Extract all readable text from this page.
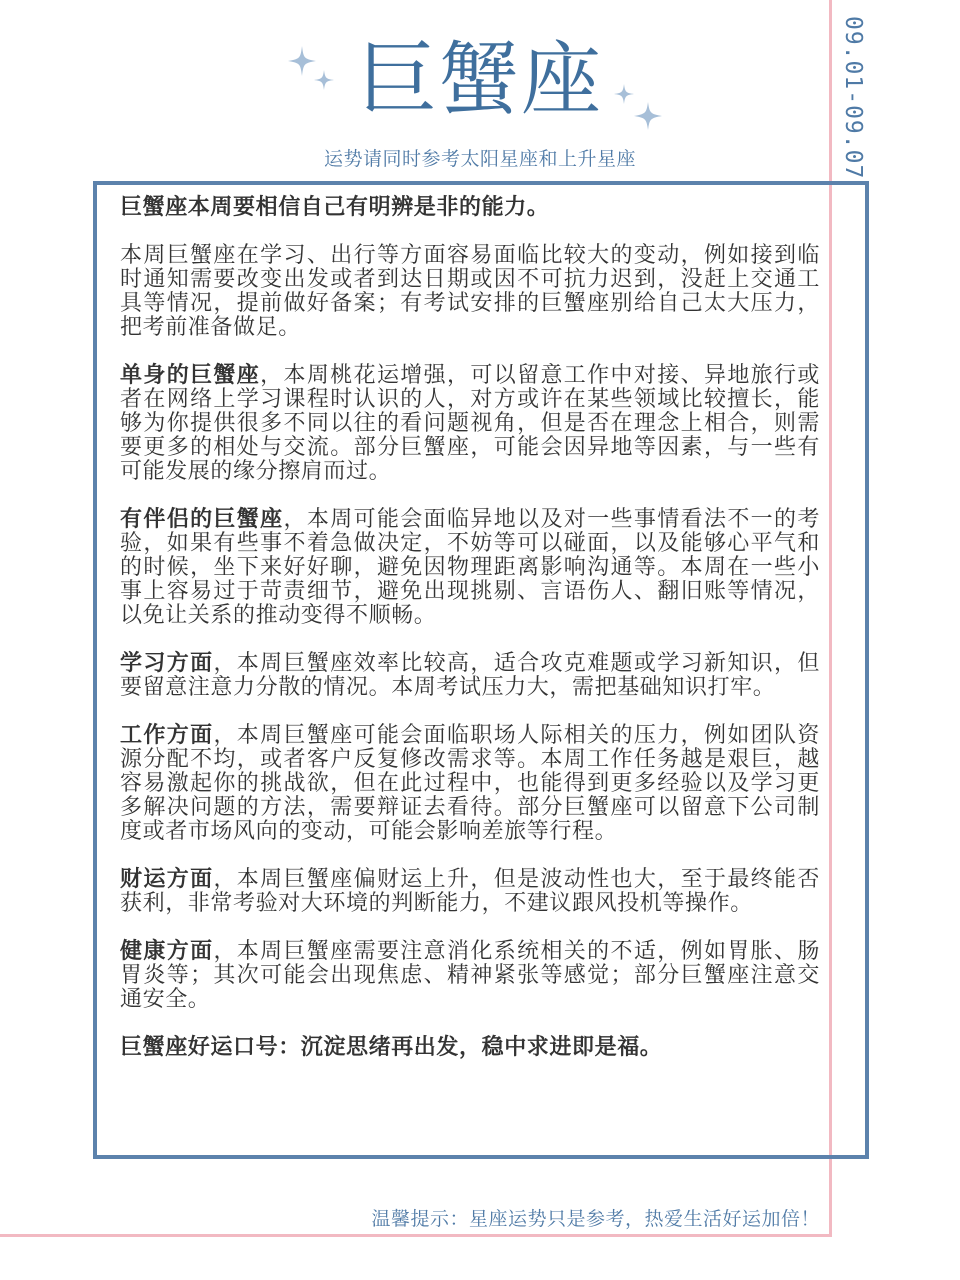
09.01-09.07
巨蟹座
运势请同时参考太阳星座和上升星座

巨蟹座本周要相信自己有明辨是非的能力。

本周巨蟹座在学习、出行等方面容易面临比较大的变动，例如接到临时通知需要改变出发或者到达日期或因不可抗力迟到，没赶上交通工具等情况，提前做好备案；有考试安排的巨蟹座别给自己太大压力，把考前准备做足。

单身的巨蟹座，本周桃花运增强，可以留意工作中对接、异地旅行或者在网络上学习课程时认识的人，对方或许在某些领域比较擅长，能够为你提供很多不同以往的看问题视角，但是否在理念上相合，则需要更多的相处与交流。部分巨蟹座，可能会因异地等因素，与一些有可能发展的缘分擦肩而过。

有伴侣的巨蟹座，本周可能会面临异地以及对一些事情看法不一的考验，如果有些事不着急做决定，不妨等可以碰面，以及能够心平气和的时候，坐下来好好聊，避免因物理距离影响沟通等。本周在一些小事上容易过于苛责细节，避免出现挑剔、言语伤人、翻旧账等情况，以免让关系的推动变得不顺畅。

学习方面，本周巨蟹座效率比较高，适合攻克难题或学习新知识，但要留意注意力分散的情况。本周考试压力大，需把基础知识打牢。

工作方面，本周巨蟹座可能会面临职场人际相关的压力，例如团队资源分配不均，或者客户反复修改需求等。本周工作任务越是艰巨，越容易激起你的挑战欲，但在此过程中，也能得到更多经验以及学习更多解决问题的方法，需要辩证去看待。部分巨蟹座可以留意下公司制度或者市场风向的变动，可能会影响差旅等行程。

财运方面，本周巨蟹座偏财运上升，但是波动性也大，至于最终能否获利，非常考验对大环境的判断能力，不建议跟风投机等操作。

健康方面，本周巨蟹座需要注意消化系统相关的不适，例如胃胀、肠胃炎等；其次可能会出现焦虑、精神紧张等感觉；部分巨蟹座注意交通安全。

巨蟹座好运口号：沉淀思绪再出发，稳中求进即是福。

温馨提示：星座运势只是参考，热爱生活好运加倍！
